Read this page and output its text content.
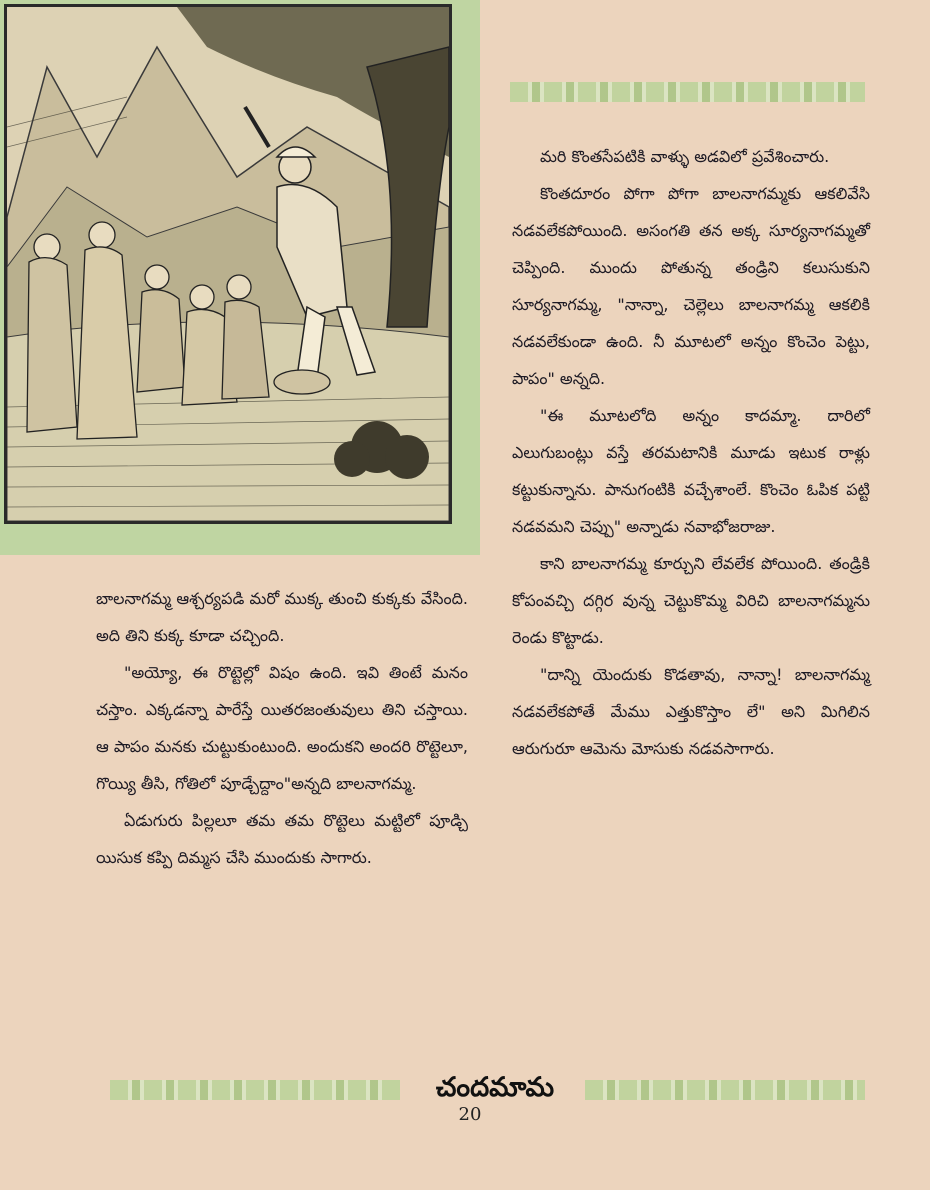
మరి కొంతసేపటికి వాళ్ళు అడవిలో ప్రవేశించారు.

కొంతదూరం పోగా పోగా బాలనాగమ్మకు ఆకలివేసి నడవలేకపోయింది. అసంగతి తన అక్క సూర్యనాగమ్మతో చెప్పింది. ముందు పోతున్న తండ్రిని కలుసుకుని సూర్యనాగమ్మ, "నాన్నా, చెల్లెలు బాలనాగమ్మ ఆకలికి నడవలేకుండా ఉంది. నీ మూటలో అన్నం కొంచెం పెట్టు, పాపం" అన్నది.

"ఈ మూటలోది అన్నం కాదమ్మా. దారిలో ఎలుగుబంట్లు వస్తే తరమటానికి మూడు ఇటుక రాళ్లు కట్టుకున్నాను. పానుగంటికి వచ్చేశాంలే. కొంచెం ఓపిక పట్టి నడవమని చెప్పు" అన్నాడు నవాభోజరాజు.

కాని బాలనాగమ్మ కూర్చుని లేవలేక పోయింది. తండ్రికి కోపంవచ్చి దగ్గిర వున్న చెట్టుకొమ్మ విరిచి బాలనాగమ్మను రెండు కొట్టాడు.

"దాన్ని యెందుకు కొడతావు, నాన్నా! బాలనాగమ్మ నడవలేకపోతే మేము ఎత్తుకొస్తాం లే" అని మిగిలిన ఆరుగురూ ఆమెను మోసుకు నడవసాగారు.

బాలనాగమ్మ ఆశ్చర్యపడి మరో ముక్క తుంచి కుక్కకు వేసింది. అది తిని కుక్క కూడా చచ్చింది.

"అయ్యో, ఈ రొట్టెల్లో విషం ఉంది. ఇవి తింటే మనం చస్తాం. ఎక్కడన్నా పారేస్తే యితరజంతువులు తిని చస్తాయి. ఆ పాపం మనకు చుట్టుకుంటుంది. అందుకని అందరి రొట్టెలూ, గొయ్యి తీసి, గోతిలో పూడ్చేద్దాం"అన్నది బాలనాగమ్మ.

ఏడుగురు పిల్లలూ తమ తమ రొట్టెలు మట్టిలో పూడ్చి యిసుక కప్పి దిమ్మస చేసి ముందుకు సాగారు.

చందమామ
20
